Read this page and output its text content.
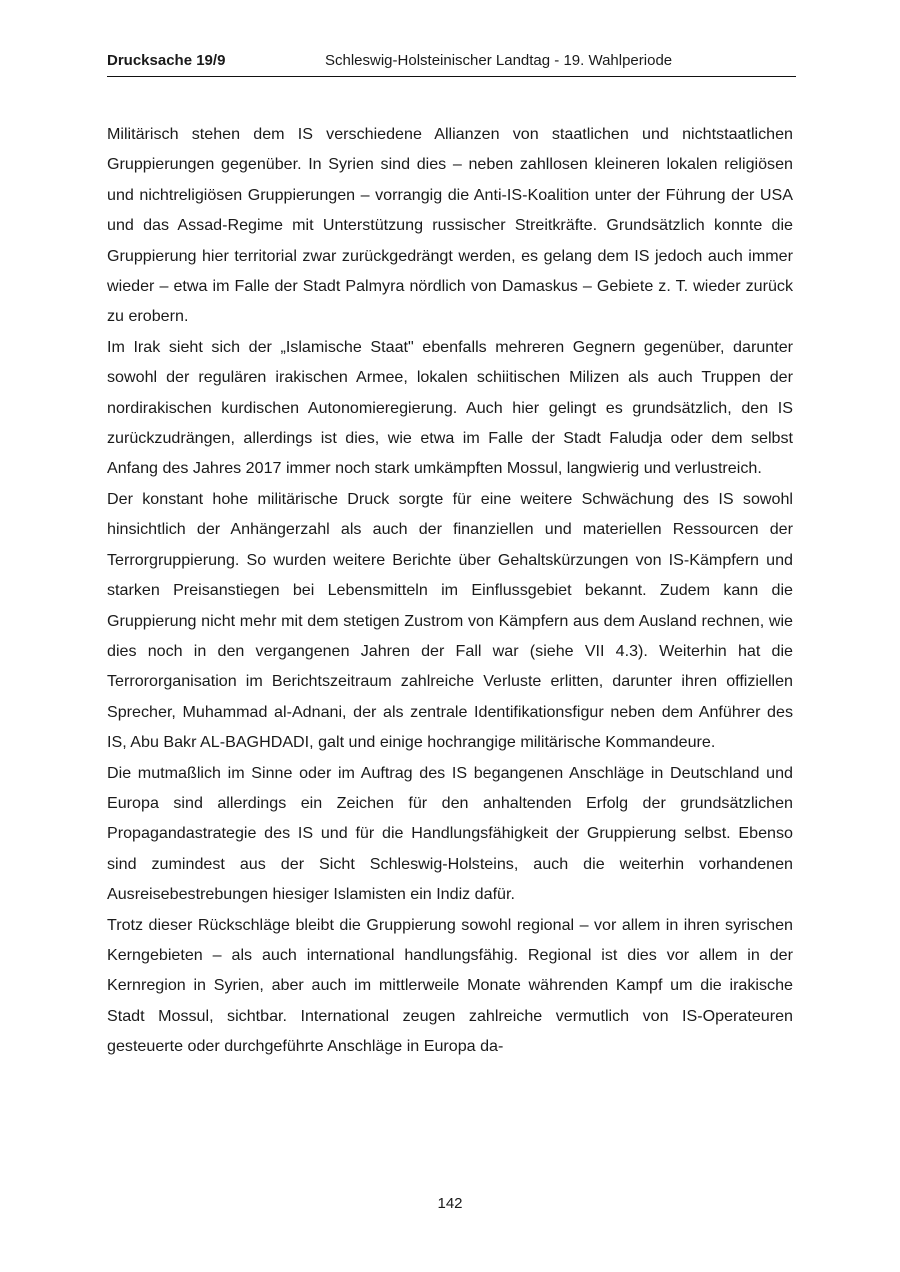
Drucksache 19/9	Schleswig-Holsteinischer Landtag - 19. Wahlperiode

Militärisch stehen dem IS verschiedene Allianzen von staatlichen und nichtstaatlichen Gruppierungen gegenüber. In Syrien sind dies – neben zahllosen kleineren lokalen religiösen und nichtreligiösen Gruppierungen – vorrangig die Anti-IS-Koalition unter der Führung der USA und das Assad-Regime mit Unterstützung russischer Streitkräfte. Grundsätzlich konnte die Gruppierung hier territorial zwar zurückgedrängt werden, es gelang dem IS jedoch auch immer wieder – etwa im Falle der Stadt Palmyra nördlich von Damaskus – Gebiete z. T. wieder zurück zu erobern.

Im Irak sieht sich der „Islamische Staat" ebenfalls mehreren Gegnern gegenüber, darunter sowohl der regulären irakischen Armee, lokalen schiitischen Milizen als auch Truppen der nordirakischen kurdischen Autonomieregierung. Auch hier gelingt es grundsätzlich, den IS zurückzudrängen, allerdings ist dies, wie etwa im Falle der Stadt Faludja oder dem selbst Anfang des Jahres 2017 immer noch stark umkämpften Mossul, langwierig und verlustreich.

Der konstant hohe militärische Druck sorgte für eine weitere Schwächung des IS sowohl hinsichtlich der Anhängerzahl als auch der finanziellen und materiellen Ressourcen der Terrorgruppierung. So wurden weitere Berichte über Gehaltskürzungen von IS-Kämpfern und starken Preisanstiegen bei Lebensmitteln im Einflussgebiet bekannt. Zudem kann die Gruppierung nicht mehr mit dem stetigen Zustrom von Kämpfern aus dem Ausland rechnen, wie dies noch in den vergangenen Jahren der Fall war (siehe VII 4.3). Weiterhin hat die Terrororganisation im Berichtszeitraum zahlreiche Verluste erlitten, darunter ihren offiziellen Sprecher, Muhammad al-Adnani, der als zentrale Identifikationsfigur neben dem Anführer des IS, Abu Bakr AL-BAGHDADI, galt und einige hochrangige militärische Kommandeure.

Die mutmaßlich im Sinne oder im Auftrag des IS begangenen Anschläge in Deutschland und Europa sind allerdings ein Zeichen für den anhaltenden Erfolg der grundsätzlichen Propagandastrategie des IS und für die Handlungsfähigkeit der Gruppierung selbst. Ebenso sind zumindest aus der Sicht Schleswig-Holsteins, auch die weiterhin vorhandenen Ausreisebestrebungen hiesiger Islamisten ein Indiz dafür.

Trotz dieser Rückschläge bleibt die Gruppierung sowohl regional – vor allem in ihren syrischen Kerngebieten – als auch international handlungsfähig. Regional ist dies vor allem in der Kernregion in Syrien, aber auch im mittlerweile Monate währenden Kampf um die irakische Stadt Mossul, sichtbar. International zeugen zahlreiche vermutlich von IS-Operateuren gesteuerte oder durchgeführte Anschläge in Europa da-

142
